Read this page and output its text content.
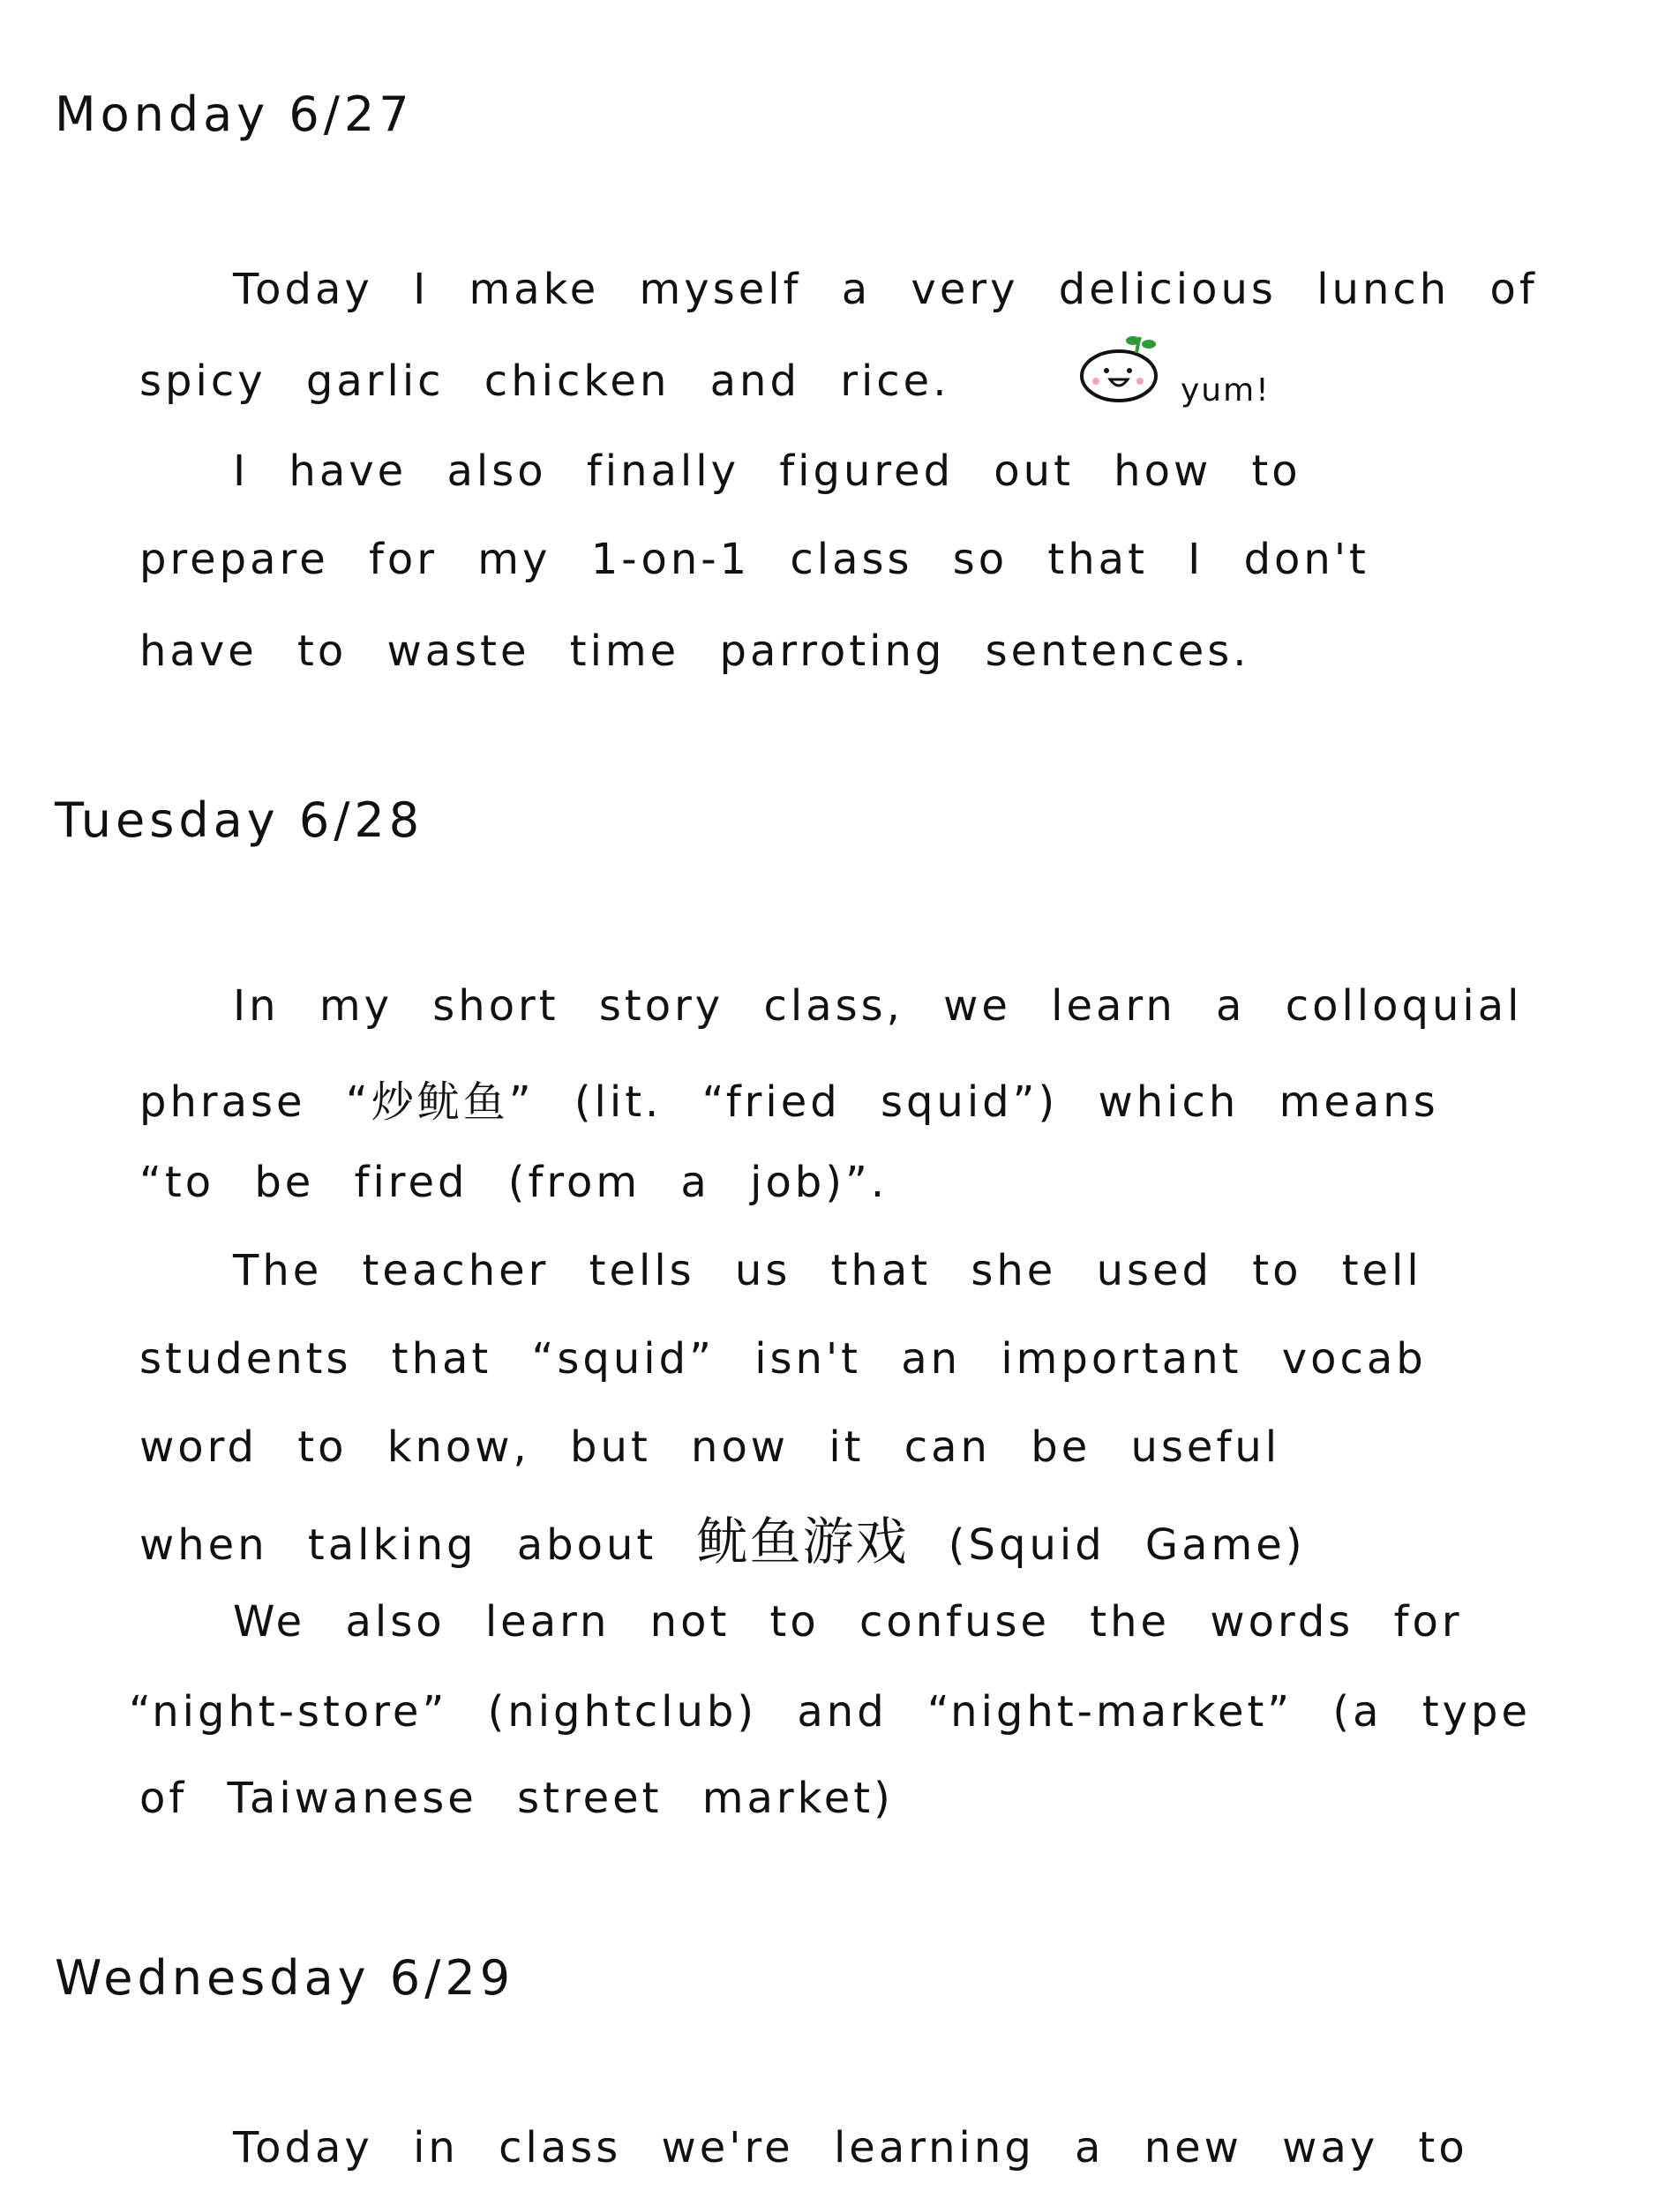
Monday 6/27
Today I make myself a very delicious lunch of
spicy garlic chicken and rice.	yum!
I have also finally figured out how to
prepare for my 1-on-1 class so that I don't
have to waste time parroting sentences.
Tuesday 6/28
In my short story class, we learn a colloquial
phrase “炒鱿鱼” (lit. “fried squid”) which means
“to be fired (from a job)”.
The teacher tells us that she used to tell
students that “squid” isn't an important vocab
word to know, but now it can be useful
when talking about 鱿鱼游戏 (Squid Game)
We also learn not to confuse the words for
“night-store” (nightclub) and “night-market” (a type
of Taiwanese street market)
Wednesday 6/29
Today in class we're learning a new way to
